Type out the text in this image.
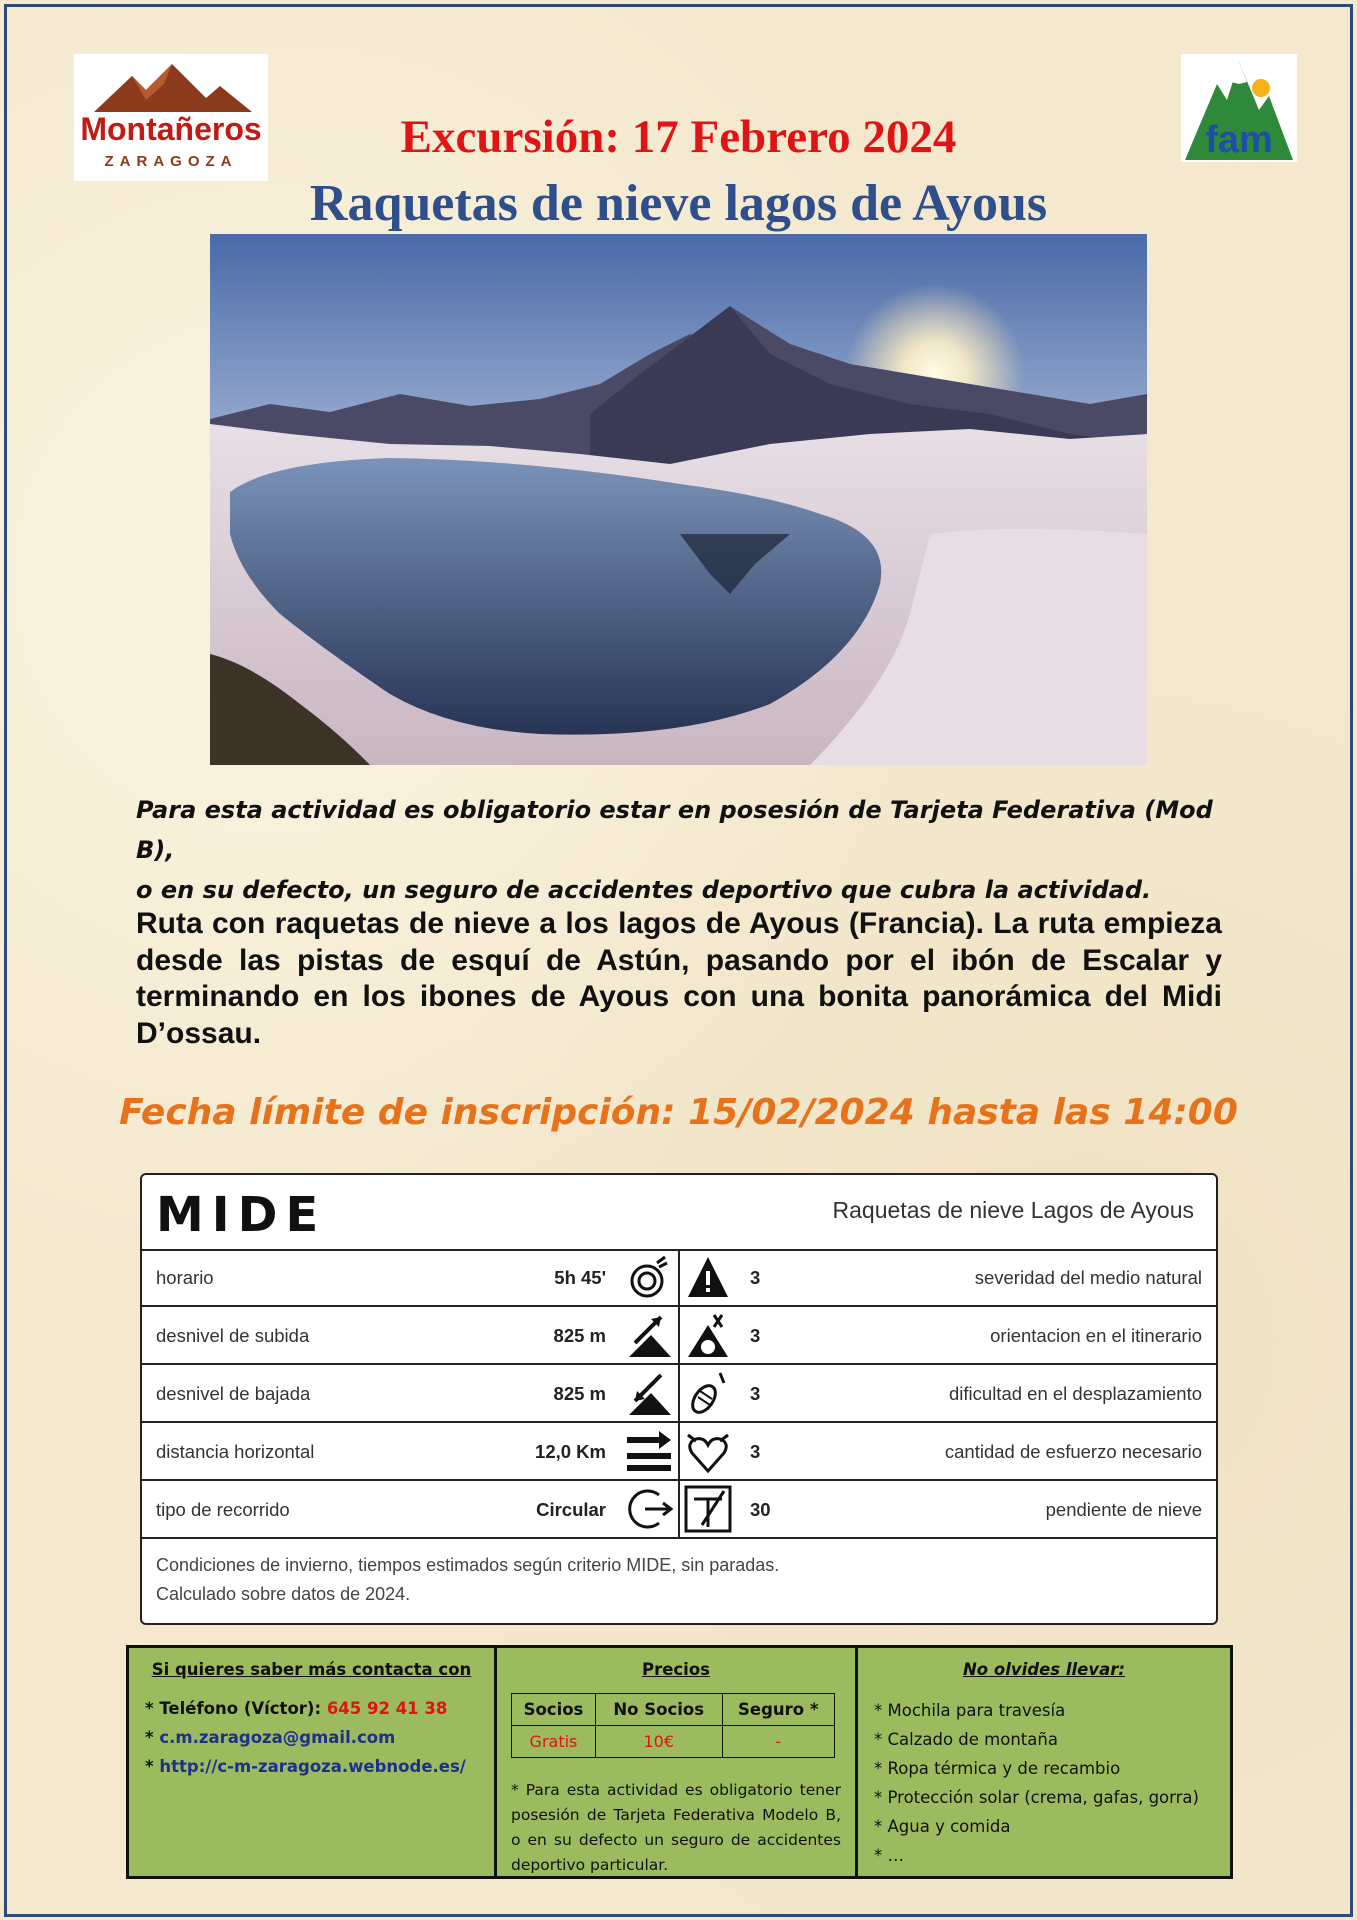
Montañeros
ZARAGOZA
fam
Excursión: 17 Febrero 2024
Raquetas de nieve lagos de Ayous
Para esta actividad es obligatorio estar en posesión de Tarjeta Federativa (Mod B),
o en su defecto, un seguro de accidentes deportivo que cubra la actividad.
Ruta con raquetas de nieve a los lagos de Ayous (Francia). La ruta empieza desde las pistas de esquí de Astún, pasando por el ibón de Escalar y terminando en los ibones de Ayous con una bonita panorámica del Midi D’ossau.
Fecha límite de inscripción: 15/02/2024 hasta las 14:00
MIDE	Raquetas de nieve Lagos de Ayous
horario	5h 45'	3	severidad del medio natural
desnivel de subida	825 m	3	orientacion en el itinerario
desnivel de bajada	825 m	3	dificultad en el desplazamiento
distancia horizontal	12,0 Km	3	cantidad de esfuerzo necesario
tipo de recorrido	Circular	30	pendiente de nieve
Condiciones de invierno, tiempos estimados según criterio MIDE, sin paradas.
Calculado sobre datos de 2024.
Si quieres saber más contacta con
* Teléfono (Víctor): 645 92 41 38
* c.m.zaragoza@gmail.com
* http://c-m-zaragoza.webnode.es/
Precios
Socios	No Socios	Seguro *
Gratis	10€	-
* Para esta actividad es obligatorio tener posesión de Tarjeta Federativa Modelo B, o en su defecto un seguro de accidentes deportivo particular.
No olvides llevar:
* Mochila para travesía
* Calzado de montaña
* Ropa térmica y de recambio
* Protección solar (crema, gafas, gorra)
* Agua y comida
* …
